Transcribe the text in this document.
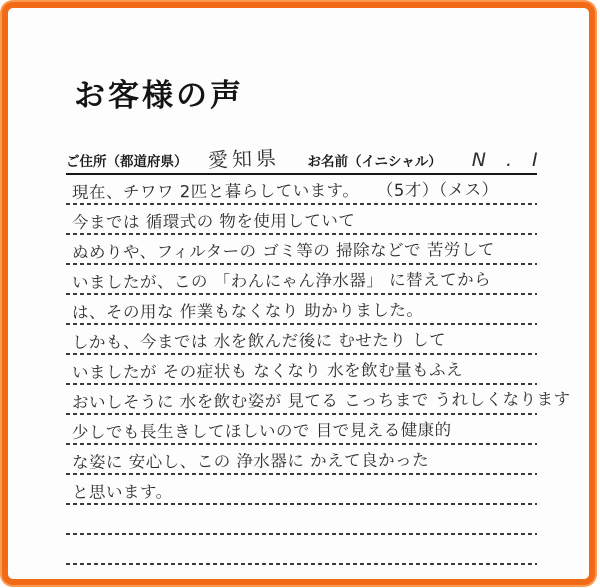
お客様の声
ご住所（都道府県） 愛知県 お名前（イニシャル） N . I
現在、チワワ 2匹と暮らしています。　　（5才）（メス）
今までは 循環式の 物を使用していて
ぬめりや、フィルターの ゴミ等の 掃除などで 苦労して
いましたが、この 「わんにゃん浄水器」 に替えてから
は、その用な 作業もなくなり 助かりました。
しかも、今までは 水を飲んだ後に むせたり して
いましたが その症状も なくなり 水を飲む量もふえ
おいしそうに 水を飲む姿が 見てる こっちまで うれしくなります
少しでも長生きしてほしいので 目で見える健康的
な姿に 安心し、この 浄水器に かえて良かった
と思います。
